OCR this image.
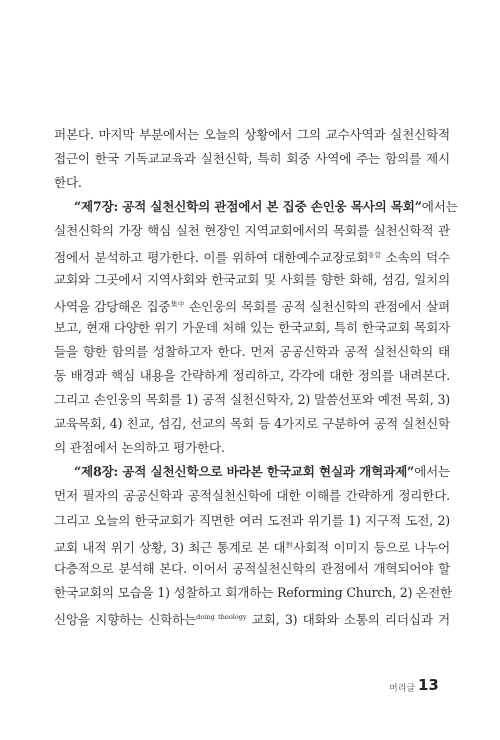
퍼본다. 마지막 부분에서는 오늘의 상황에서 그의 교수사역과 실천신학적
접근이 한국 기독교교육과 실천신학, 특히 회중 사역에 주는 함의를 제시
한다.
“제7장: 공적 실천신학의 관점에서 본 집중 손인웅 목사의 목회”에서는
실천신학의 가장 핵심 실천 현장인 지역교회에서의 목회를 실천신학적 관
점에서 분석하고 평가한다. 이를 위하여 대한예수교장로회$^{통합}$ 소속의 덕수
교회와 그곳에서 지역사회와 한국교회 및 사회를 향한 화해, 섬김, 일치의
사역을 감당해온 집중$^{集中}$ 손인웅의 목회를 공적 실천신학의 관점에서 살펴
보고, 현재 다양한 위기 가운데 처해 있는 한국교회, 특히 한국교회 목회자
들을 향한 함의를 성찰하고자 한다. 먼저 공공신학과 공적 실천신학의 태
동 배경과 핵심 내용을 간략하게 정리하고, 각각에 대한 정의를 내려본다.
그리고 손인웅의 목회를 1) 공적 실천신학자, 2) 말씀선포와 예전 목회, 3)
교육목회, 4) 친교, 섬김, 선교의 목회 등 4가지로 구분하여 공적 실천신학
의 관점에서 논의하고 평가한다.
“제8장: 공적 실천신학으로 바라본 한국교회 현실과 개혁과제”에서는
먼저 필자의 공공신학과 공적실천신학에 대한 이해를 간략하게 정리한다.
그리고 오늘의 한국교회가 직면한 여러 도전과 위기를 1) 지구적 도전, 2)
교회 내적 위기 상황, 3) 최근 통계로 본 대$^對$사회적 이미지 등으로 나누어
다층적으로 분석해 본다. 이어서 공적실천신학의 관점에서 개혁되어야 할
한국교회의 모습을 1) 성찰하고 회개하는 Reforming Church, 2) 온전한
신앙을 지향하는 신학하는$^{doing theology}$ 교회, 3) 대화와 소통의 리더십과 거
머리글 13
